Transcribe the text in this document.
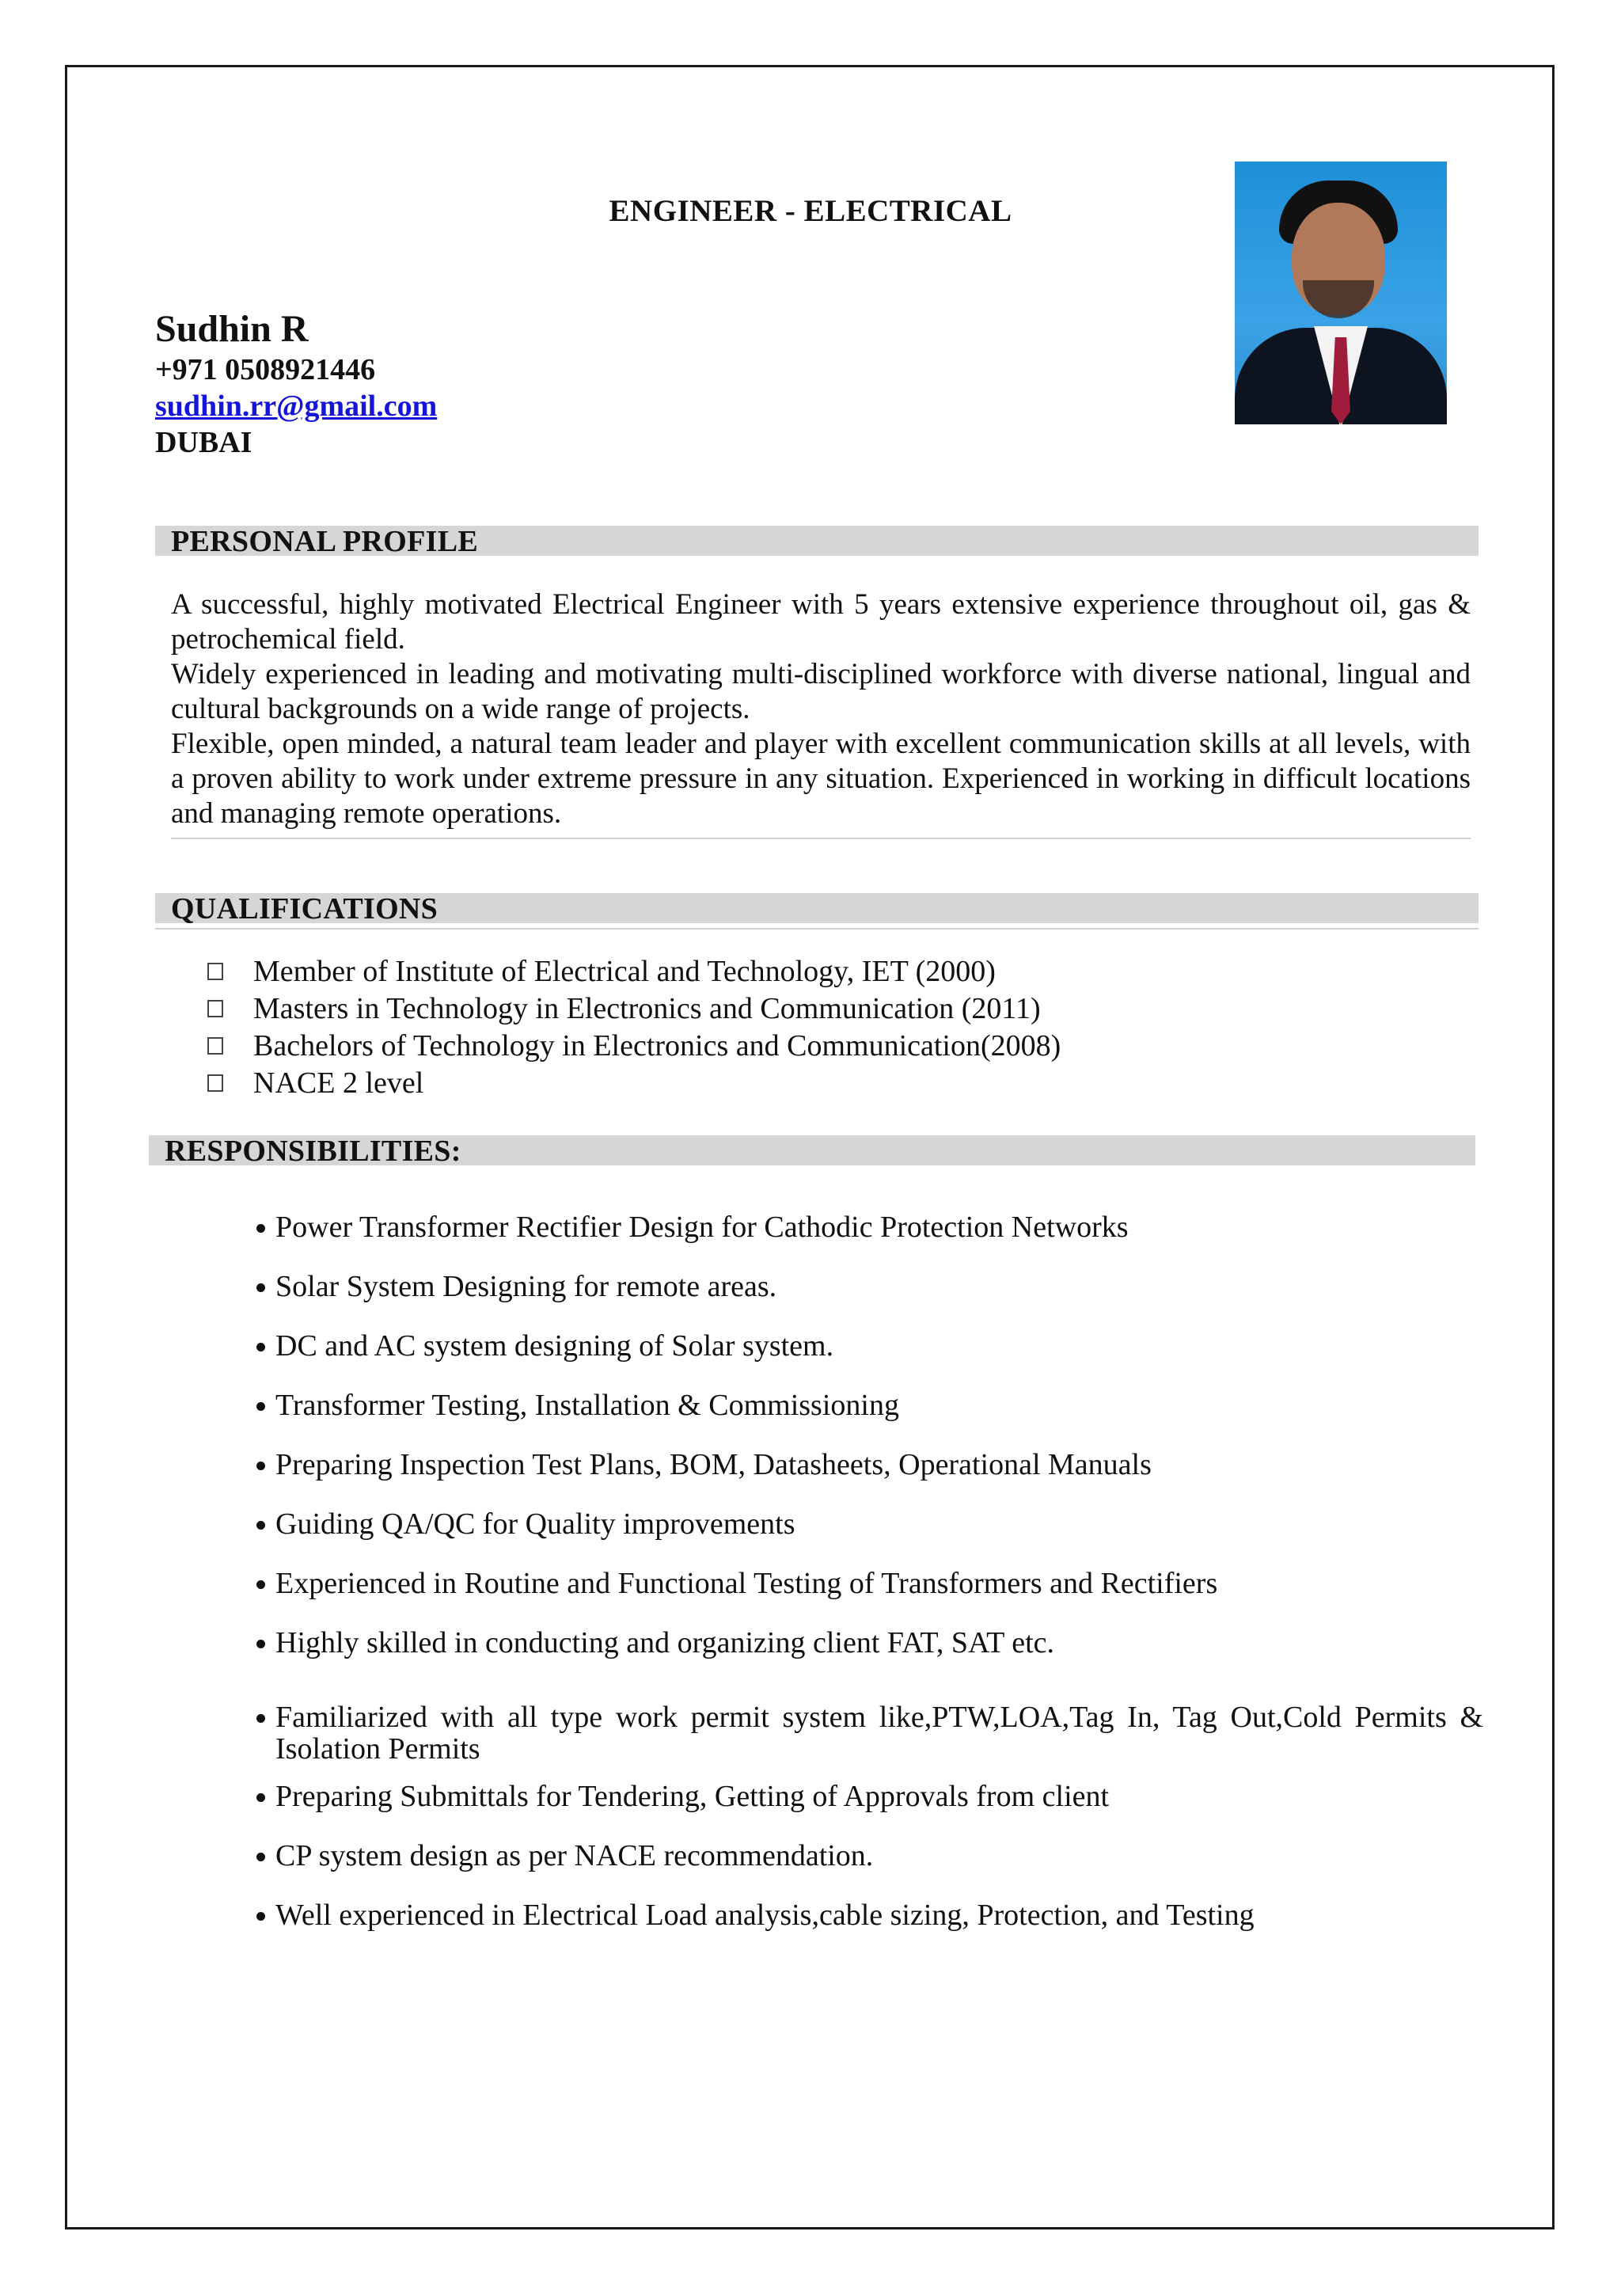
ENGINEER - ELECTRICAL
Sudhin R
+971 0508921446
sudhin.rr@gmail.com
DUBAI
PERSONAL PROFILE

A successful, highly motivated Electrical Engineer with 5 years extensive experience throughout oil, gas & petrochemical field.

Widely experienced in leading and motivating multi-disciplined workforce with diverse national, lingual and cultural backgrounds on a wide range of projects.

Flexible, open minded, a natural team leader and player with excellent communication skills at all levels, with a proven ability to work under extreme pressure in any situation. Experienced in working in difficult locations and managing remote operations.

QUALIFICATIONS
Member of Institute of Electrical and Technology, IET (2000)
Masters in Technology in Electronics and Communication (2011)
Bachelors of Technology in Electronics and Communication(2008)
NACE 2 level
RESPONSIBILITIES:
Power Transformer Rectifier Design for Cathodic Protection Networks
Solar System Designing for remote areas.
DC and AC system designing of Solar system.
Transformer Testing, Installation & Commissioning
Preparing Inspection Test Plans, BOM, Datasheets, Operational Manuals
Guiding QA/QC for Quality improvements
Experienced in Routine and Functional Testing of Transformers and Rectifiers
Highly skilled in conducting and organizing client FAT, SAT etc.
Familiarized with all type work permit system like,PTW,LOA,Tag In, Tag Out,Cold Permits & Isolation Permits
Preparing Submittals for Tendering, Getting of Approvals from client
CP system design as per NACE recommendation.
Well experienced in Electrical Load analysis,cable sizing, Protection, and Testing
